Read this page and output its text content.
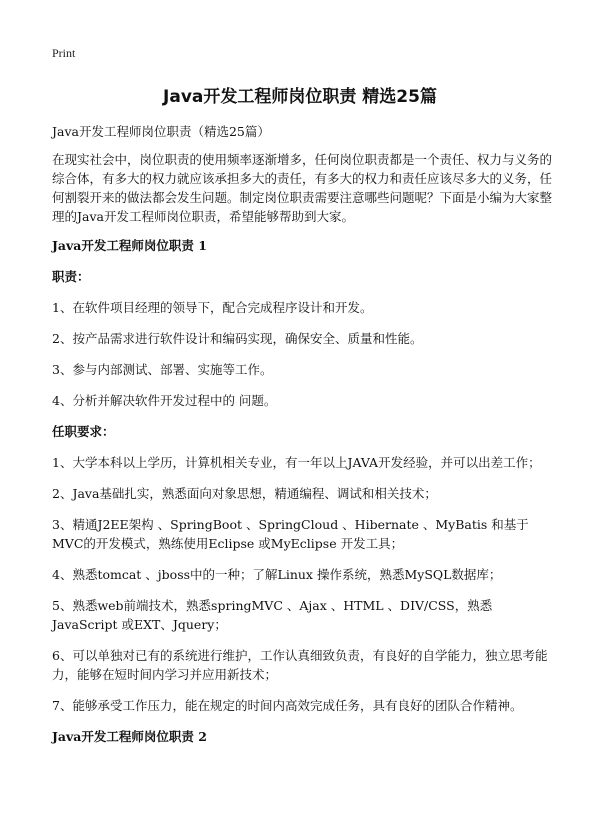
Print
Java开发工程师岗位职责 精选25篇
Java开发工程师岗位职责（精选25篇）

在现实社会中，岗位职责的使用频率逐渐增多，任何岗位职责都是一个责任、权力与义务的综合体，有多大的权力就应该承担多大的责任，有多大的权力和责任应该尽多大的义务，任何割裂开来的做法都会发生问题。制定岗位职责需要注意哪些问题呢？下面是小编为大家整理的Java开发工程师岗位职责，希望能够帮助到大家。

Java开发工程师岗位职责 1

职责：

1、在软件项目经理的领导下，配合完成程序设计和开发。

2、按产品需求进行软件设计和编码实现，确保安全、质量和性能。

3、参与内部测试、部署、实施等工作。

4、分析并解决软件开发过程中的 问题。

任职要求：

1、大学本科以上学历，计算机相关专业，有一年以上JAVA开发经验，并可以出差工作；

2、Java基础扎实，熟悉面向对象思想，精通编程、调试和相关技术；

3、精通J2EE架构 、SpringBoot 、SpringCloud 、Hibernate 、MyBatis 和基于MVC的开发模式，熟练使用Eclipse 或MyEclipse 开发工具；

4、熟悉tomcat 、jboss中的一种；了解Linux 操作系统，熟悉MySQL数据库；

5、熟悉web前端技术，熟悉springMVC 、Ajax 、HTML 、DIV/CSS，熟悉JavaScript 或EXT、Jquery；

6、可以单独对已有的系统进行维护，工作认真细致负责，有良好的自学能力，独立思考能力，能够在短时间内学习并应用新技术；

7、能够承受工作压力，能在规定的时间内高效完成任务，具有良好的团队合作精神。

Java开发工程师岗位职责 2
